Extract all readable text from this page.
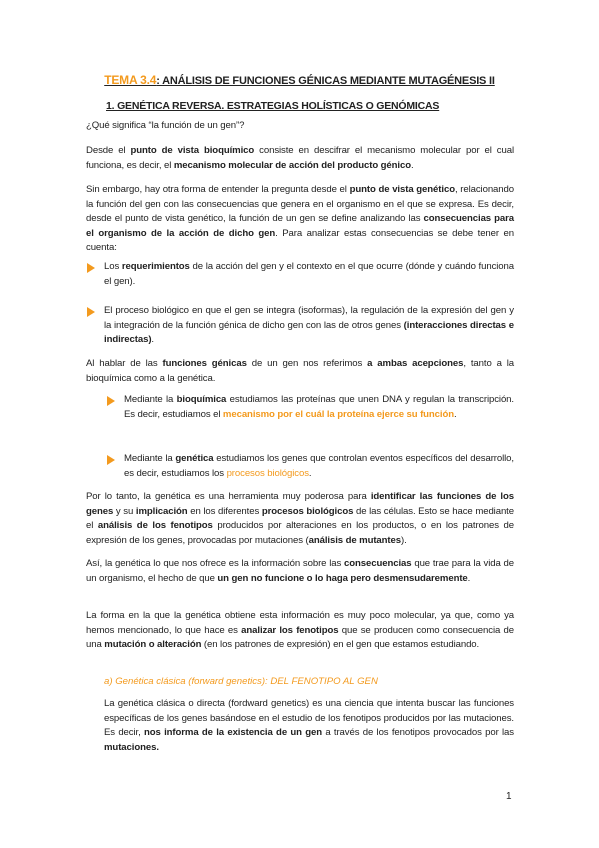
TEMA 3.4: ANÁLISIS DE FUNCIONES GÉNICAS MEDIANTE MUTAGÉNESIS II
1. GENÉTICA REVERSA. ESTRATEGIAS HOLÍSTICAS O GENÓMICAS
¿Qué significa “la función de un gen”?
Desde el punto de vista bioquímico consiste en descifrar el mecanismo molecular por el cual funciona, es decir, el mecanismo molecular de acción del producto génico.
Sin embargo, hay otra forma de entender la pregunta desde el punto de vista genético, relacionando la función del gen con las consecuencias que genera en el organismo en el que se expresa. Es decir, desde el punto de vista genético, la función de un gen se define analizando las consecuencias para el organismo de la acción de dicho gen. Para analizar estas consecuencias se debe tener en cuenta:
Los requerimientos de la acción del gen y el contexto en el que ocurre (dónde y cuándo funciona el gen).
El proceso biológico en que el gen se integra (isoformas), la regulación de la expresión del gen y la integración de la función génica de dicho gen con las de otros genes (interacciones directas e indirectas).
Al hablar de las funciones génicas de un gen nos referimos a ambas acepciones, tanto a la bioquímica como a la genética.
Mediante la bioquímica estudiamos las proteínas que unen DNA y regulan la transcripción. Es decir, estudiamos el mecanismo por el cuál la proteína ejerce su función.
Mediante la genética estudiamos los genes que controlan eventos específicos del desarrollo, es decir, estudiamos los procesos biológicos.
Por lo tanto, la genética es una herramienta muy poderosa para identificar las funciones de los genes y su implicación en los diferentes procesos biológicos de las células. Esto se hace mediante el análisis de los fenotipos producidos por alteraciones en los productos, o en los patrones de expresión de los genes, provocadas por mutaciones (análisis de mutantes).
Así, la genética lo que nos ofrece es la información sobre las consecuencias que trae para la vida de un organismo, el hecho de que un gen no funcione o lo haga pero desmensudaremente.
La forma en la que la genética obtiene esta información es muy poco molecular, ya que, como ya hemos mencionado, lo que hace es analizar los fenotipos que se producen como consecuencia de una mutación o alteración (en los patrones de expresión) en el gen que estamos estudiando.
a) Genética clásica (forward genetics): DEL FENOTIPO AL GEN
La genética clásica o directa (fordward genetics) es una ciencia que intenta buscar las funciones específicas de los genes basándose en el estudio de los fenotipos producidos por las mutaciones. Es decir, nos informa de la existencia de un gen a través de los fenotipos provocados por las mutaciones.
1
